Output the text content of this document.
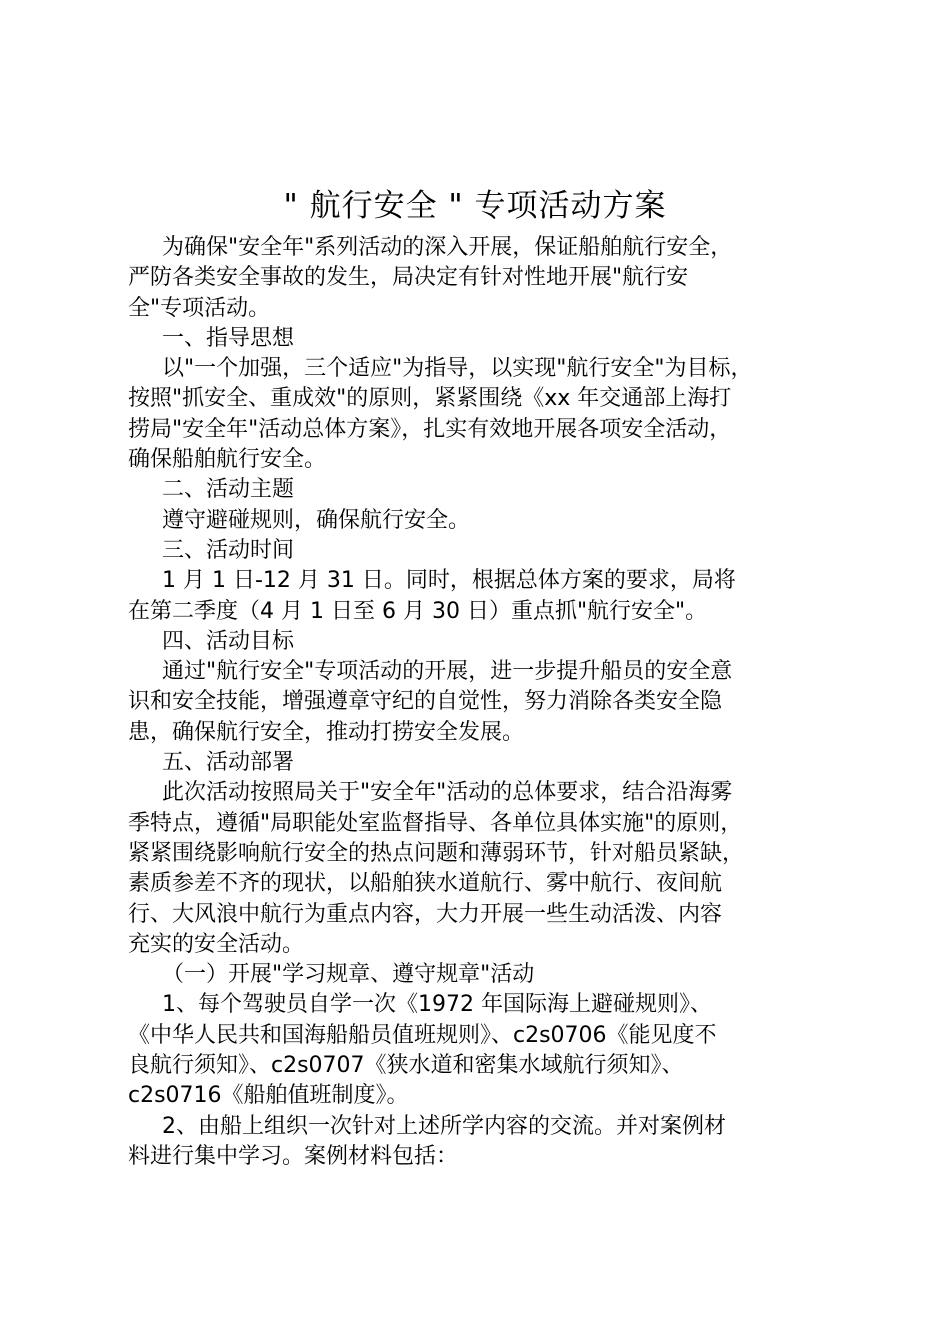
" 航行安全 " 专项活动方案

为确保"安全年"系列活动的深入开展，保证船舶航行安全，
严防各类安全事故的发生，局决定有针对性地开展"航行安
全"专项活动。

一、指导思想

以"一个加强，三个适应"为指导，以实现"航行安全"为目标，
按照"抓安全、重成效"的原则，紧紧围绕《xx 年交通部上海打
捞局"安全年"活动总体方案》，扎实有效地开展各项安全活动，
确保船舶航行安全。

二、活动主题

遵守避碰规则，确保航行安全。

三、活动时间

1 月 1 日-12 月 31 日。同时，根据总体方案的要求，局将
在第二季度（4 月 1 日至 6 月 30 日）重点抓"航行安全"。

四、活动目标

通过"航行安全"专项活动的开展，进一步提升船员的安全意
识和安全技能，增强遵章守纪的自觉性，努力消除各类安全隐
患，确保航行安全，推动打捞安全发展。

五、活动部署

此次活动按照局关于"安全年"活动的总体要求，结合沿海雾
季特点，遵循"局职能处室监督指导、各单位具体实施"的原则，
紧紧围绕影响航行安全的热点问题和薄弱环节，针对船员紧缺，
素质参差不齐的现状，以船舶狭水道航行、雾中航行、夜间航
行、大风浪中航行为重点内容，大力开展一些生动活泼、内容
充实的安全活动。

（一）开展"学习规章、遵守规章"活动

1、每个驾驶员自学一次《1972 年国际海上避碰规则》、
《中华人民共和国海船船员值班规则》、c2s0706《能见度不
良航行须知》、c2s0707《狭水道和密集水域航行须知》、
c2s0716《船舶值班制度》。

2、由船上组织一次针对上述所学内容的交流。并对案例材
料进行集中学习。案例材料包括：
